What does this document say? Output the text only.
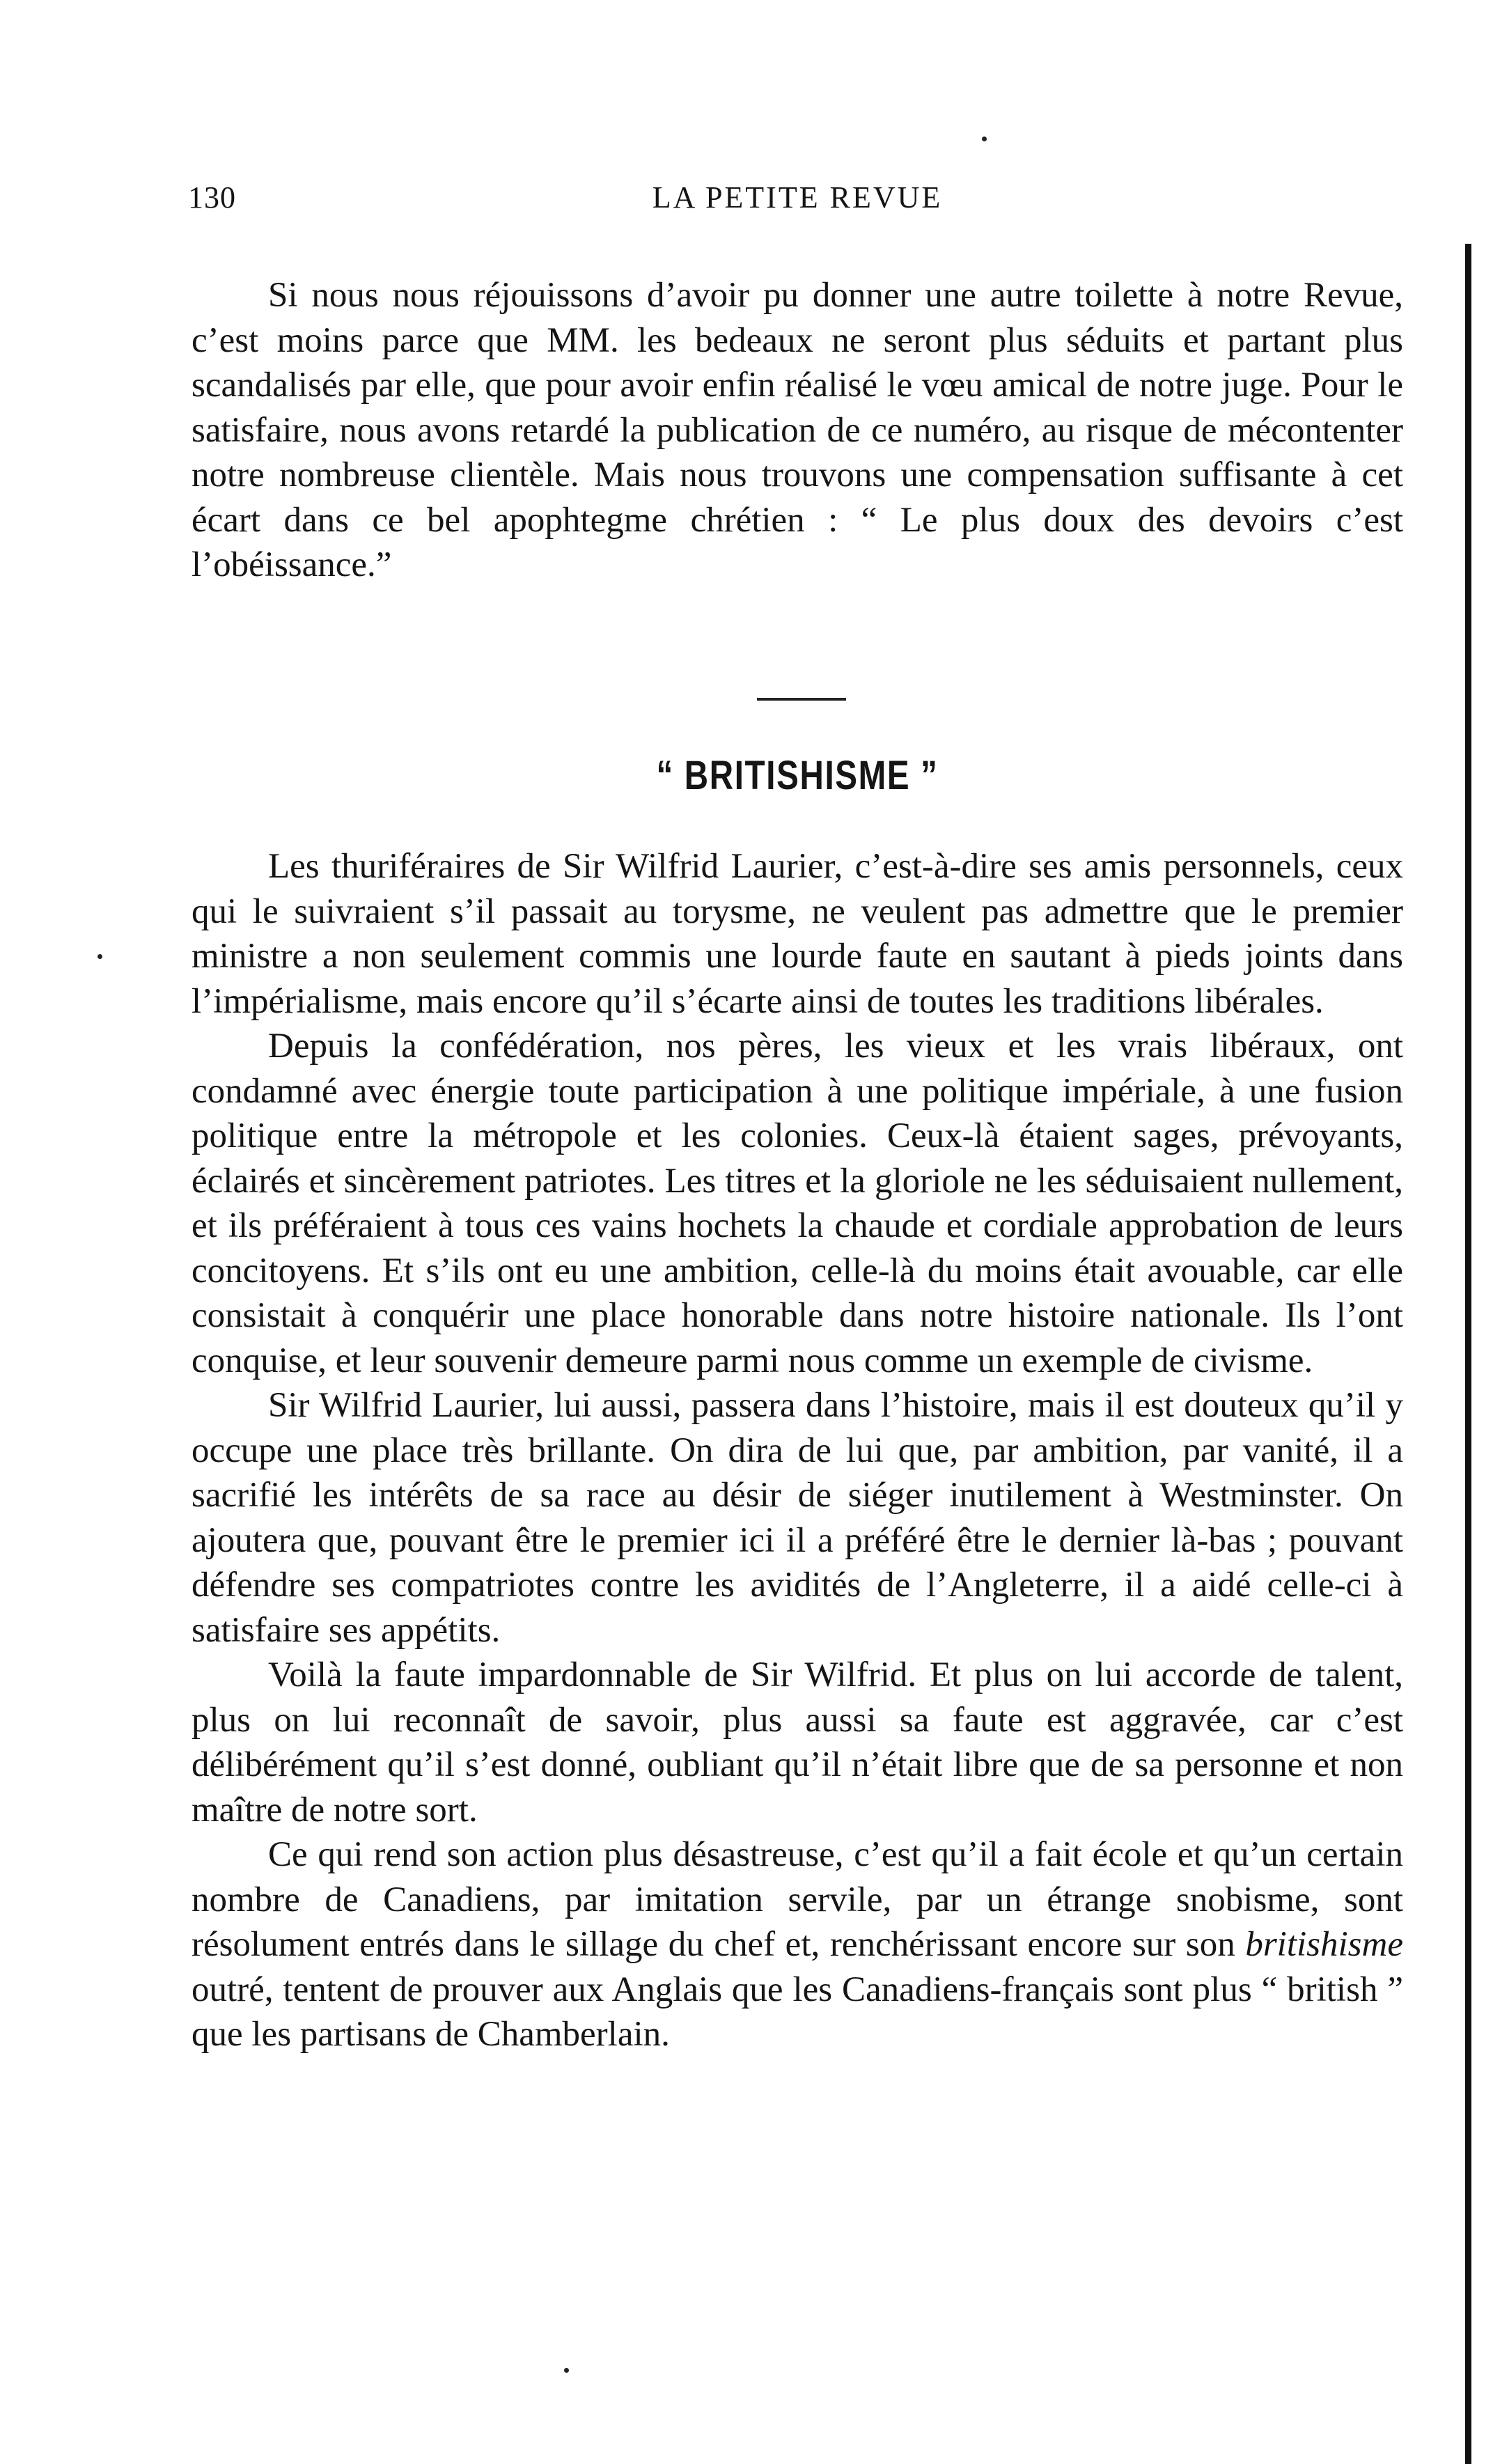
130	LA PETITE REVUE

Si nous nous réjouissons d’avoir pu donner une autre toilette à notre Revue, c’est moins parce que MM. les bedeaux ne seront plus séduits et partant plus scandalisés par elle, que pour avoir enfin réalisé le vœu amical de notre juge. Pour le satisfaire, nous avons retardé la publication de ce numéro, au risque de mécontenter notre nombreuse clientèle. Mais nous trouvons une compensation suffisante à cet écart dans ce bel apophtegme chrétien : “ Le plus doux des devoirs c’est l’obéissance.”

“ BRITISHISME ”

Les thuriféraires de Sir Wilfrid Laurier, c’est-à-dire ses amis personnels, ceux qui le suivraient s’il passait au torysme, ne veulent pas admettre que le premier ministre a non seulement commis une lourde faute en sautant à pieds joints dans l’impérialisme, mais encore qu’il s’écarte ainsi de toutes les traditions libérales.

Depuis la confédération, nos pères, les vieux et les vrais libéraux, ont condamné avec énergie toute participation à une politique impériale, à une fusion politique entre la métropole et les colonies. Ceux-là étaient sages, prévoyants, éclairés et sincèrement patriotes. Les titres et la gloriole ne les séduisaient nullement, et ils préféraient à tous ces vains hochets la chaude et cordiale approbation de leurs concitoyens. Et s’ils ont eu une ambition, celle-là du moins était avouable, car elle consistait à conquérir une place honorable dans notre histoire nationale. Ils l’ont conquise, et leur souvenir demeure parmi nous comme un exemple de civisme.

Sir Wilfrid Laurier, lui aussi, passera dans l’histoire, mais il est douteux qu’il y occupe une place très brillante. On dira de lui que, par ambition, par vanité, il a sacrifié les intérêts de sa race au désir de siéger inutilement à Westminster. On ajoutera que, pouvant être le premier ici il a préféré être le dernier là-bas ; pouvant défendre ses compatriotes contre les avidités de l’Angleterre, il a aidé celle-ci à satisfaire ses appétits.

Voilà la faute impardonnable de Sir Wilfrid. Et plus on lui accorde de talent, plus on lui reconnaît de savoir, plus aussi sa faute est aggravée, car c’est délibérément qu’il s’est donné, oubliant qu’il n’était libre que de sa personne et non maître de notre sort.

Ce qui rend son action plus désastreuse, c’est qu’il a fait école et qu’un certain nombre de Canadiens, par imitation servile, par un étrange snobisme, sont résolument entrés dans le sillage du chef et, renchérissant encore sur son britishisme outré, tentent de prouver aux Anglais que les Canadiens-français sont plus “ british ” que les partisans de Chamberlain.
